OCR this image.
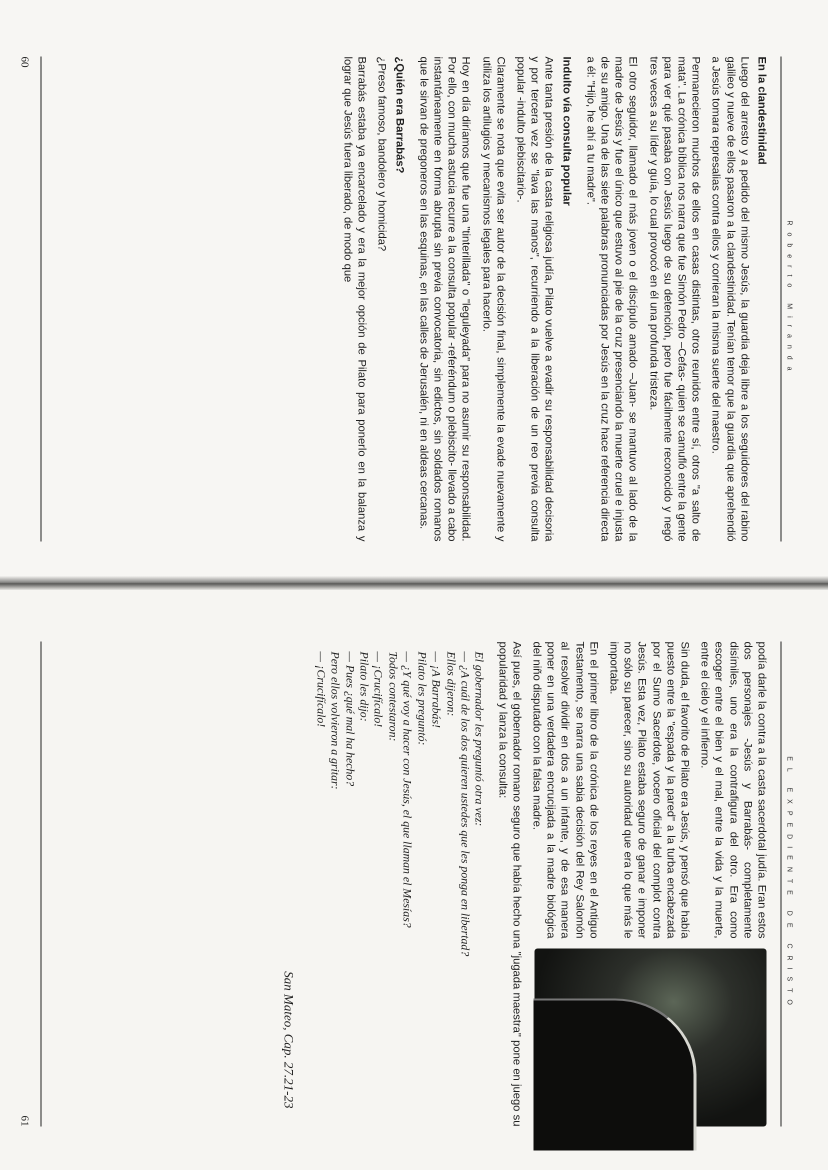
Roberto Miranda
En la clandestinidad

Luego del arresto y a pedido del mismo Jesús, la guardia deja libre a los seguidores del rabino galileo y nueve de ellos pasaron a la clandestinidad. Tenían temor que la guardia que aprehendió a Jesús tomara represalias contra ellos y corrieran la misma suerte del maestro.

Permanecieron muchos de ellos en casas distintas, otros reunidos entre sí, otros "a salto de mata". La crónica bíblica nos narra que fue Simón Pedro –Cefas- quien se camufló entre la gente para ver qué pasaba con Jesús luego de su detención, pero fue fácilmente reconocido y negó tres veces a su líder y guía, lo cual provocó en él una profunda tristeza.

El otro seguidor, llamado el más joven o el discípulo amado –Juan- se mantuvo al lado de la madre de Jesús y fue el único que estuvo al pie de la cruz presenciando la muerte cruel e injusta de su amigo. Una de las siete palabras pronunciadas por Jesús en la cruz hace referencia directa a él: "Hijo, he ahí a tu madre".

Indulto vía consulta popular

Ante tanta presión de la casta religiosa judía, Pilato vuelve a evadir su responsabilidad decisoria y por tercera vez se "lava las manos", recurriendo a la liberación de un reo previa consulta popular -indulto plebiscitario-.

Claramente se nota que evita ser autor de la decisión final, simplemente la evade nuevamente y utiliza los artilugios y mecanismos legales para hacerlo.

Hoy en día diríamos que fue una "tinterillada" o "leguleyada" para no asumir su responsabilidad. Por ello, con mucha astucia recurre a la consulta popular -referéndum o plebiscito- llevado a cabo instantáneamente en forma abrupta sin previa convocatoria, sin edictos, sin soldados romanos que le sirvan de pregoneros en las esquinas, en las calles de Jerusalén, ni en aldeas cercanas.

¿Quién era Barrabás?

¿Preso famoso, bandolero y homicida?

Barrabás estaba ya encarcelado y era la mejor opción de Pilato para ponerlo en la balanza y lograr que Jesús fuera liberado, de modo que

60
EL EXPEDIENTE DE CRISTO

podía darle la contra a la casta sacerdotal judía. Eran estos dos personajes -Jesús y Barrabás- completamente disímiles, uno era la contrafigura del otro. Era como escoger entre el bien y el mal, entre la vida y la muerte, entre el cielo y el infierno.

Sin duda, el favorito de Pilato era Jesús, y pensó que había puesto entre la "espada y la pared" a la turba encabezada por el Sumo Sacerdote, vocero oficial del complot contra Jesús. Esta vez, Pilato estaba seguro de ganar e imponer no sólo su parecer, sino su autoridad que era lo que más le importaba.

En el primer libro de la crónica de los reyes en el Antiguo Testamento, se narra una sabia decisión del Rey Salomón al resolver dividir en dos a un infante, y de esa manera poner en una verdadera encrucijada a la madre biológica del niño disputado con la falsa madre.

Así pues, el gobernador romano seguro que había hecho una "jugada maestra" pone en juego su popularidad y lanza la consulta:

El gobernador les preguntó otra vez:
— ¿A cuál de los dos quieren ustedes que les ponga en libertad?
Ellos dijeron:
— ¡A Barrabás!
Pilato les preguntó:
— ¿Y qué voy a hacer con Jesús, el que llaman el Mesías?
Todos contestaron:
— ¡Crucifícalo!
Pilato les dijo:
— Pues ¿qué mal ha hecho?
Pero ellos volvieron a gritar:
— ¡Crucifícalo!
San Mateo, Cap. 27.21-23
61
